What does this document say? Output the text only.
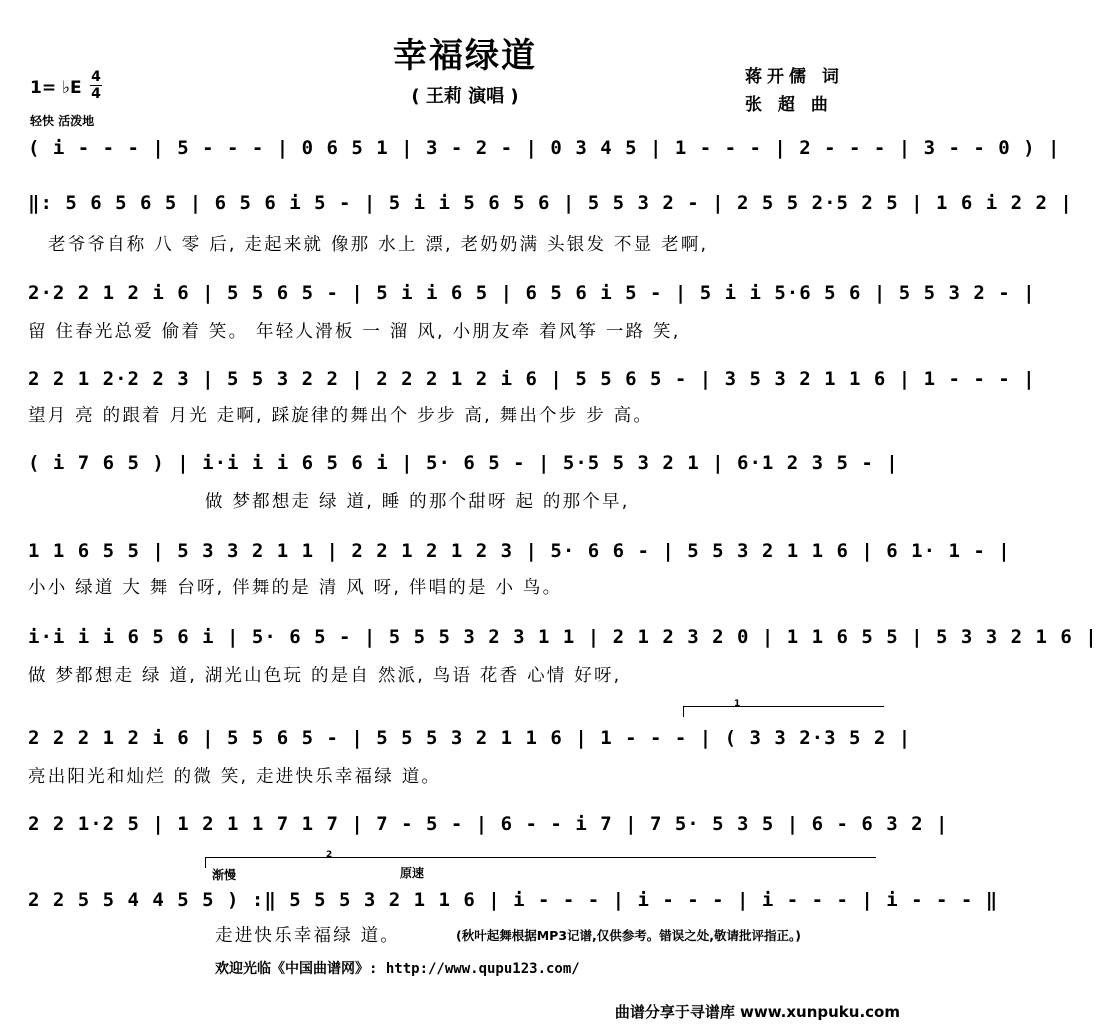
幸福绿道
( 王莉 演唱 )
蒋开儒 词
张 超 曲
1= ♭E
4
4
轻快 活泼地
( i - - - | 5 - - - | 0 6 5 1 | 3 - 2 - | 0 3 4 5 | 1 - - - | 2 - - - | 3 - - 0 ) |
‖: 5 6 5 6 5 | 6 5 6 i 5 - | 5 i i 5 6 5 6 | 5 5 3 2 - | 2 5 5 2·5 2 5 | 1 6 i 2 2 |
老爷爷自称 八 零 后, 走起来就 像那 水上 漂, 老奶奶满 头银发 不显 老啊,
2·2 2 1 2 i 6 | 5 5 6 5 - | 5 i i 6 5 | 6 5 6 i 5 - | 5 i i 5·6 5 6 | 5 5 3 2 - |
留 住春光总爱 偷着 笑。 年轻人滑板 一 溜 风, 小朋友牵 着风筝 一路 笑,
2 2 1 2·2 2 3 | 5 5 3 2 2 | 2 2 2 1 2 i 6 | 5 5 6 5 - | 3 5 3 2 1 1 6 | 1 - - - |
望月 亮 的跟着 月光 走啊, 踩旋律的舞出个 步步 高, 舞出个步 步 高。
( i 7 6 5 ) | i·i i i 6 5 6 i | 5· 6 5 - | 5·5 5 3 2 1 | 6·1 2 3 5 - |
做 梦都想走 绿 道, 睡 的那个甜呀 起 的那个早,
1 1 6 5 5 | 5 3 3 2 1 1 | 2 2 1 2 1 2 3 | 5· 6 6 - | 5 5 3 2 1 1 6 | 6 1· 1 - |
小小 绿道 大 舞 台呀, 伴舞的是 清 风 呀, 伴唱的是 小 鸟。
i·i i i 6 5 6 i | 5· 6 5 - | 5 5 5 3 2 3 1 1 | 2 1 2 3 2 0 | 1 1 6 5 5 | 5 3 3 2 1 6 |
做 梦都想走 绿 道, 湖光山色玩 的是自 然派, 鸟语 花香 心情 好呀,
1
2 2 2 1 2 i 6 | 5 5 6 5 - | 5 5 5 3 2 1 1 6 | 1 - - - | ( 3 3 2·3 5 2 |
亮出阳光和灿烂 的微 笑, 走进快乐幸福绿 道。
2 2 1·2 5 | 1 2 1 1 7 1 7 | 7 - 5 - | 6 - - i 7 | 7 5· 5 3 5 | 6 - 6 3 2 |
2
渐慢	原速
2 2 5 5 4 4 5 5 ) :‖ 5 5 5 3 2 1 1 6 | i - - - | i - - - | i - - - | i - - - ‖
走进快乐幸福绿 道。	(秋叶起舞根据MP3记谱,仅供参考。错误之处,敬请批评指正。)
欢迎光临《中国曲谱网》: http://www.qupu123.com/
曲谱分享于寻谱库 www.xunpuku.com
